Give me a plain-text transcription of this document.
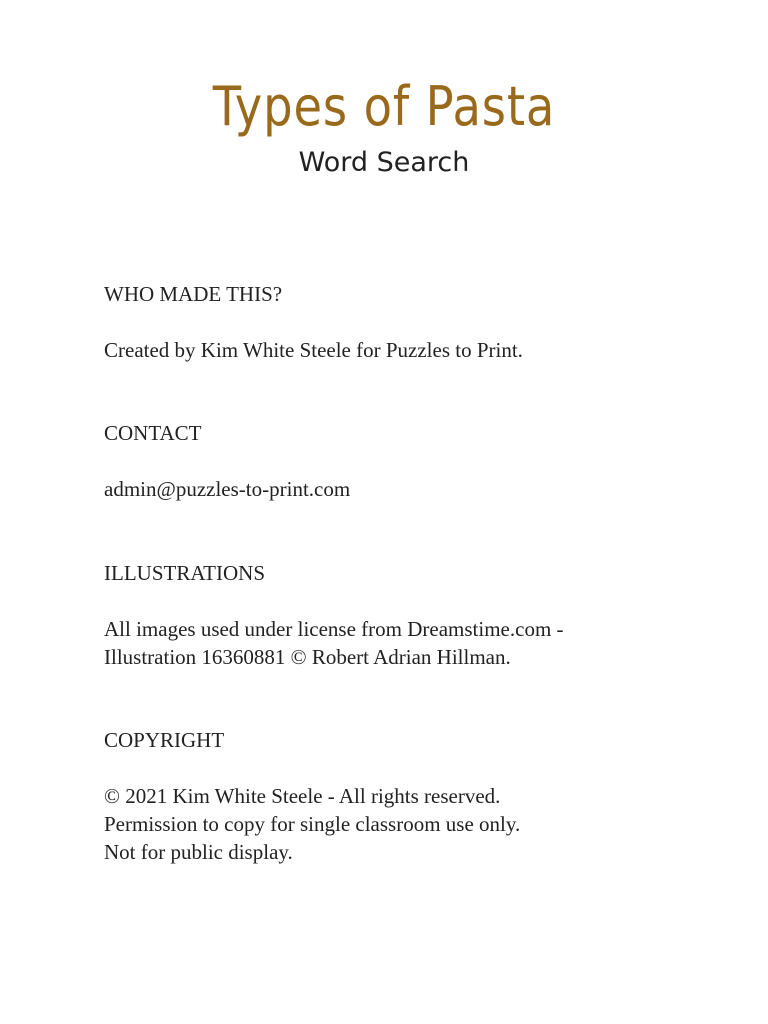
Types of Pasta
Word Search
WHO MADE THIS?
Created by Kim White Steele for Puzzles to Print.
CONTACT
admin@puzzles-to-print.com
ILLUSTRATIONS
All images used under license from Dreamstime.com -
Illustration 16360881 © Robert Adrian Hillman.
COPYRIGHT
© 2021 Kim White Steele - All rights reserved.
Permission to copy for single classroom use only.
Not for public display.
